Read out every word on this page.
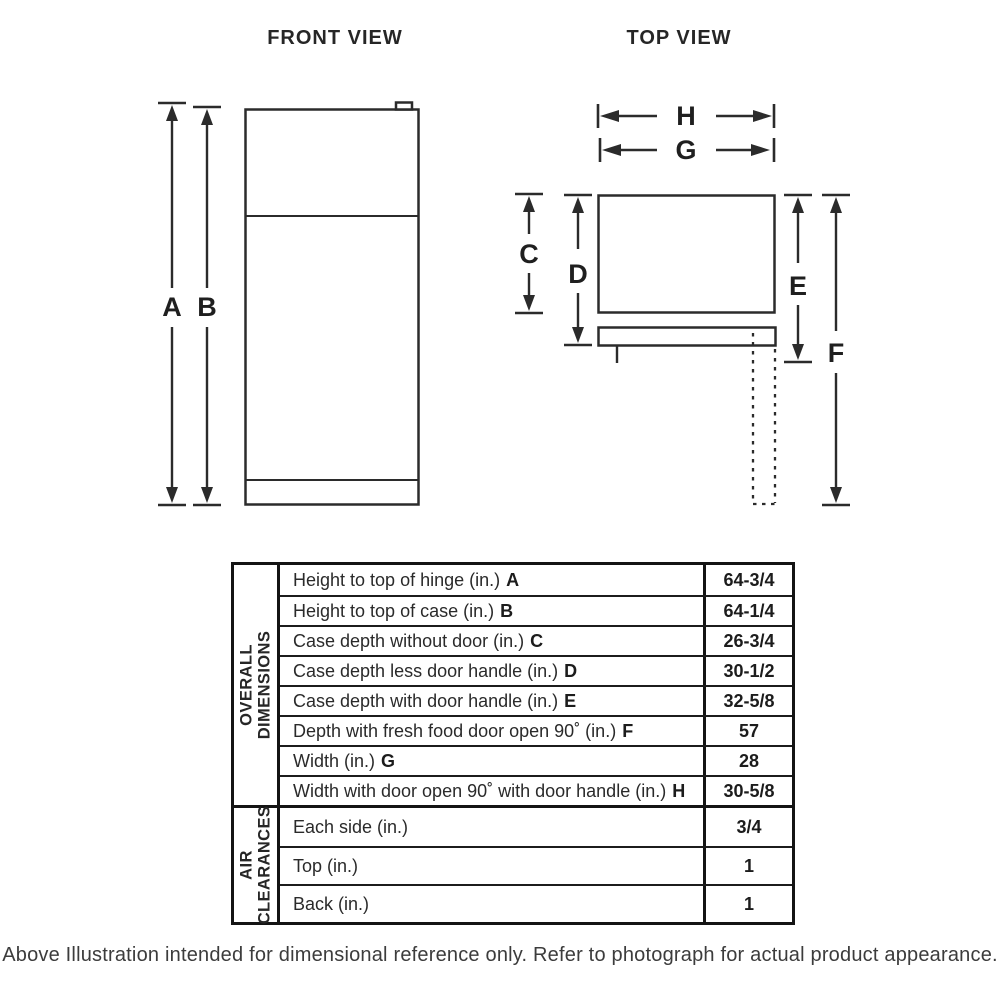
FRONT VIEW	TOP VIEW
A B
H
G
C
D	E
F
OVERALL DIMENSIONS
Height to top of hinge (in.) A	64-3/4
Height to top of case (in.) B	64-1/4
Case depth without door (in.) C	26-3/4
Case depth less door handle (in.) D	30-1/2
Case depth with door handle (in.) E	32-5/8
Depth with fresh food door open 90˚ (in.) F	57
Width (in.) G	28
Width with door open 90˚ with door handle (in.) H	30-5/8
AIR CLEARANCES Each side (in.)	3/4
Top (in.)	1
Back (in.)	1
Above Illustration intended for dimensional reference only. Refer to photograph for actual product appearance.
